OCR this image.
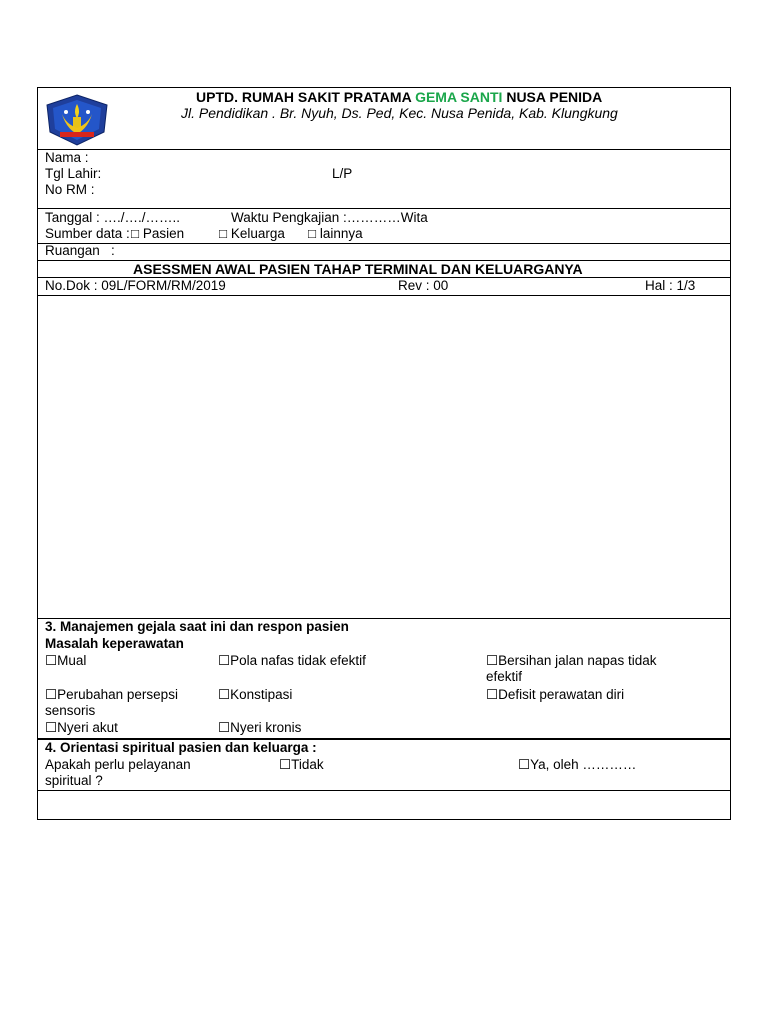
UPTD. RUMAH SAKIT PRATAMA GEMA SANTI NUSA PENIDA
Jl. Pendidikan . Br. Nyuh, Ds. Ped, Kec. Nusa Penida, Kab. Klungkung
Nama :
Tgl Lahir:	L/P
No RM :
Tanggal : …./…./……..	Waktu Pengkajian :…………Wita
Sumber data : □ Pasien	□ Keluarga □ lainnya
Ruangan   :
ASESSMEN AWAL PASIEN TAHAP TERMINAL DAN KELUARGANYA
No.Dok : 09L/FORM/RM/2019	Rev : 00	Hal : 1/3
3. Manajemen gejala saat ini dan respon pasien
Masalah keperawatan
☐Mual	☐Pola nafas tidak efektif	☐Bersihan jalan napas tidak
efektif
☐Perubahan persepsi
sensoris
☐Konstipasi	☐Defisit perawatan diri
☐Nyeri akut	☐Nyeri kronis
4. Orientasi spiritual pasien dan keluarga :
Apakah perlu pelayanan
spiritual ?
☐Tidak	☐Ya, oleh …………
